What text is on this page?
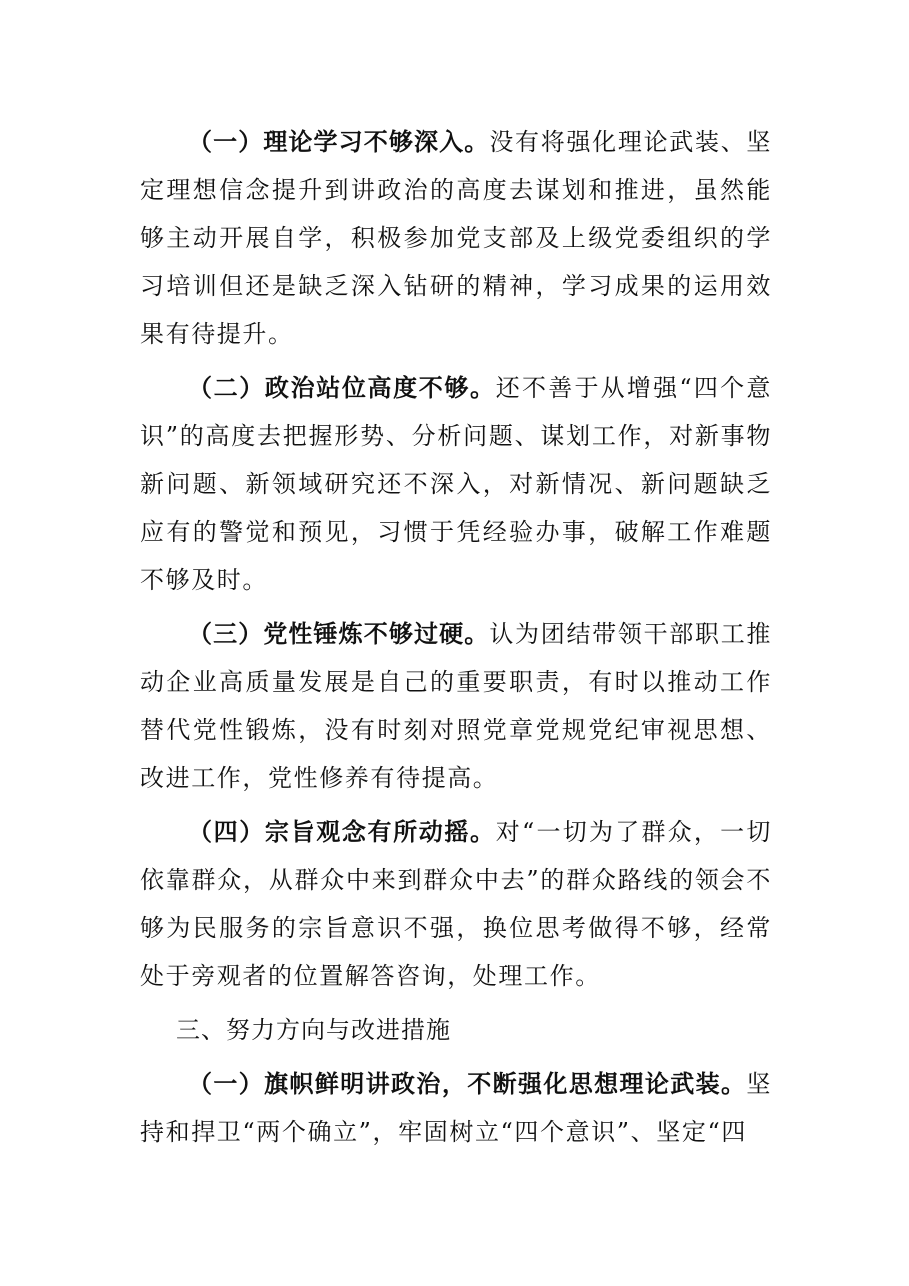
（一）理论学习不够深入。没有将强化理论武装、坚定理想信念提升到讲政治的高度去谋划和推进，虽然能够主动开展自学，积极参加党支部及上级党委组织的学习培训但还是缺乏深入钻研的精神，学习成果的运用效果有待提升。

（二）政治站位高度不够。还不善于从增强“四个意识”的高度去把握形势、分析问题、谋划工作，对新事物新问题、新领域研究还不深入，对新情况、新问题缺乏应有的警觉和预见，习惯于凭经验办事，破解工作难题不够及时。

（三）党性锤炼不够过硬。认为团结带领干部职工推动企业高质量发展是自己的重要职责，有时以推动工作替代党性锻炼，没有时刻对照党章党规党纪审视思想、改进工作，党性修养有待提高。

（四）宗旨观念有所动摇。对“一切为了群众，一切依靠群众，从群众中来到群众中去”的群众路线的领会不够为民服务的宗旨意识不强，换位思考做得不够，经常处于旁观者的位置解答咨询，处理工作。

三、努力方向与改进措施

（一）旗帜鲜明讲政治，不断强化思想理论武装。坚持和捍卫“两个确立”，牢固树立“四个意识”、坚定“四
